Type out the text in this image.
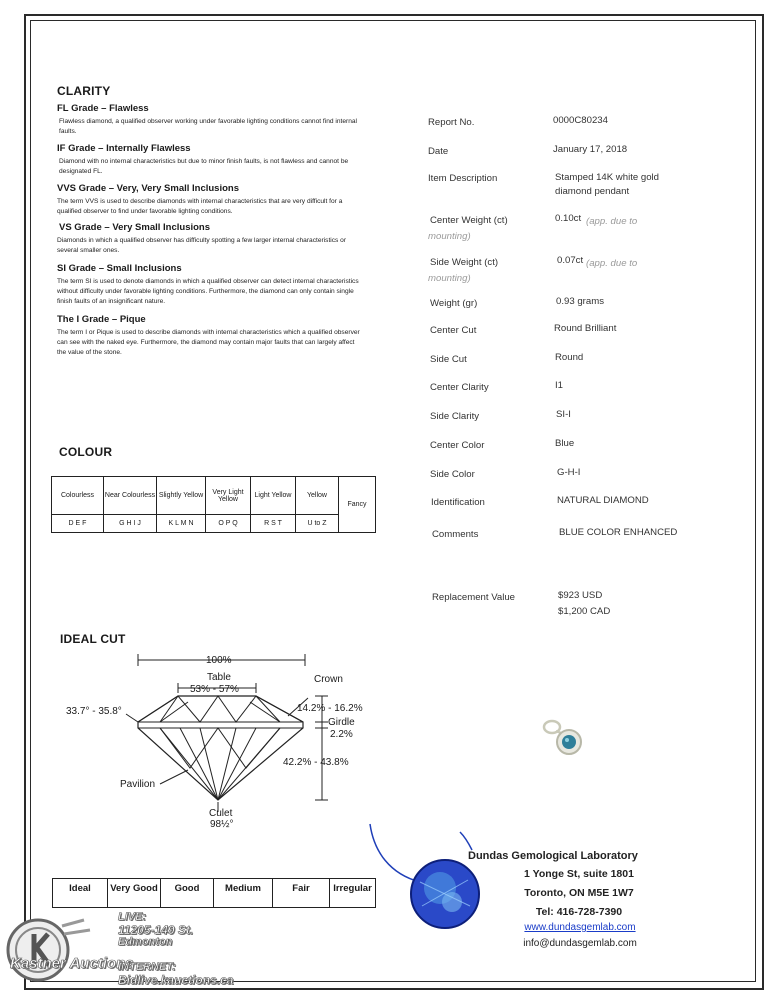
CLARITY
FL Grade – Flawless
Flawless diamond, a qualified observer working under favorable lighting conditions cannot find internal faults.
IF Grade – Internally Flawless
Diamond with no internal characteristics but due to minor finish faults, is not flawless and cannot be designated FL.
VVS Grade – Very, Very Small Inclusions
The term VVS is used to describe diamonds with internal characteristics that are very difficult for a qualified observer to find under favorable lighting conditions.
VS Grade – Very Small Inclusions
Diamonds in which a qualified observer has difficulty spotting a few larger internal characteristics or several smaller ones.
SI Grade – Small Inclusions
The term SI is used to denote diamonds in which a qualified observer can detect internal characteristics without difficulty under favorable lighting conditions. Furthermore, the diamond can only contain single finish faults of an insignificant nature.
The I Grade – Pique
The term I or Pique is used to describe diamonds with internal characteristics which a qualified observer can see with the naked eye. Furthermore, the diamond may contain major faults that can largely affect the value of the stone.
COLOUR
Colourless	Near Colourless	Slightly Yellow	Very Light Yellow	Light Yellow	Yellow	Fancy
D E F	G H I J	K L M N	O P Q	R S T	U to Z	
IDEAL CUT
100%
Table
53% - 57%
Crown
33.7° - 35.8°	14.2% - 16.2%
Girdle
2.2%
42.2% - 43.8%
Pavilion
Culet
98½°
Ideal	Very Good	Good	Medium	Fair	Irregular
Report No.	0000C80234
Date	January 17, 2018
Item Description	Stamped 14K white gold diamond pendant
Center Weight (ct)	0.10ct (app. due to mounting)
Side Weight (ct)	0.07ct (app. due to mounting)
Weight (gr)	0.93 grams
Center Cut	Round Brilliant
Side Cut	Round
Center Clarity	I1
Side Clarity	SI-I
Center Color	Blue
Side Color	G-H-I
Identification	NATURAL DIAMOND
Comments	BLUE COLOR ENHANCED
Replacement Value	$923 USD
$1,200 CAD
Dundas Gemological Laboratory
1 Yonge St, suite 1801
Toronto, ON M5E 1W7
Tel: 416-728-7390
www.dundasgemlab.com
info@dundasgemlab.com
Kastner Auctions
LIVE:
11205-149 St.
Edmonton
INTERNET:
Bidlive.kauctions.ca
